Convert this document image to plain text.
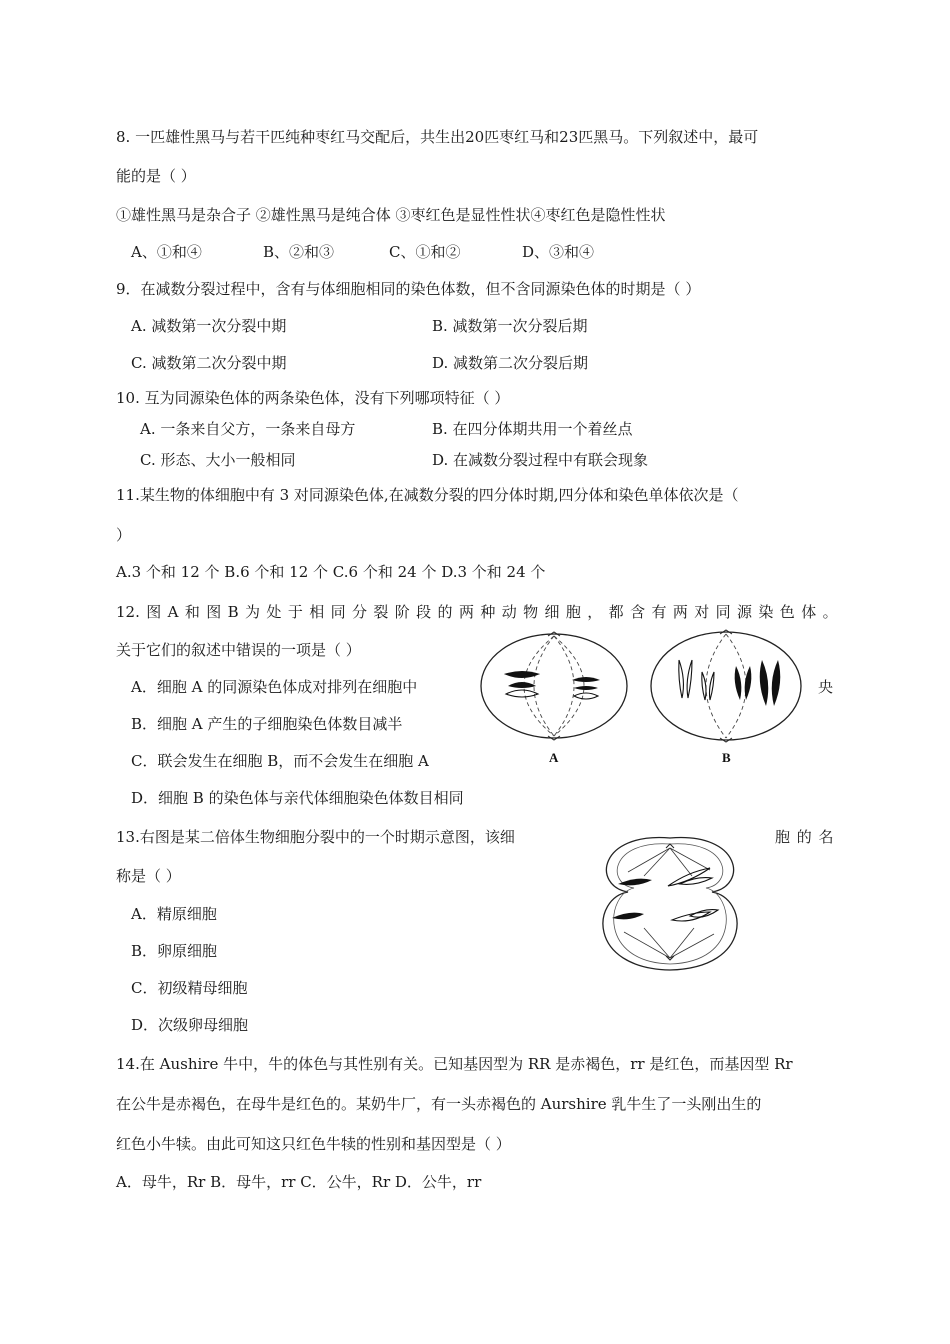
8. 一匹雄性黑马与若干匹纯种枣红马交配后，共生出20匹枣红马和23匹黑马。下列叙述中，最可
能的是（ ）
①雄性黑马是杂合子 ②雄性黑马是纯合体 ③枣红色是显性性状④枣红色是隐性性状
A、①和④	B、②和③	C、①和②	D、③和④
9．在减数分裂过程中，含有与体细胞相同的染色体数，但不含同源染色体的时期是（ ）
A. 减数第一次分裂中期	B. 减数第一次分裂后期
C. 减数第二次分裂中期	D. 减数第二次分裂后期
10. 互为同源染色体的两条染色体，没有下列哪项特征（ ）
A. 一条来自父方，一条来自母方	B. 在四分体期共用一个着丝点
C. 形态、大小一般相同	D. 在减数分裂过程中有联会现象
11.某生物的体细胞中有 3 对同源染色体,在减数分裂的四分体时期,四分体和染色单体依次是（
）
A.3 个和 12 个 B.6 个和 12 个 C.6 个和 24 个 D.3 个和 24 个
12. 图 A 和 图 B 为 处 于 相 同 分 裂 阶 段 的 两 种 动 物 细 胞 ， 都 含 有 两 对 同 源 染 色 体 。
关于它们的叙述中错误的一项是（ ）
A．细胞 A 的同源染色体成对排列在细胞中	央
B．细胞 A 产生的子细胞染色体数目减半
C．联会发生在细胞 B，而不会发生在细胞 A
D．细胞 B 的染色体与亲代体细胞染色体数目相同
A	B
13.右图是某二倍体生物细胞分裂中的一个时期示意图，该细	胞 的 名
称是（ ）
A．精原细胞
B．卵原细胞
C．初级精母细胞
D．次级卵母细胞
14.在 Aushire 牛中，牛的体色与其性别有关。已知基因型为 RR 是赤褐色，rr 是红色，而基因型 Rr
在公牛是赤褐色，在母牛是红色的。某奶牛厂，有一头赤褐色的 Aurshire 乳牛生了一头刚出生的
红色小牛犊。由此可知这只红色牛犊的性别和基因型是（ ）
A．母牛，Rr B．母牛，rr C．公牛，Rr D．公牛，rr
